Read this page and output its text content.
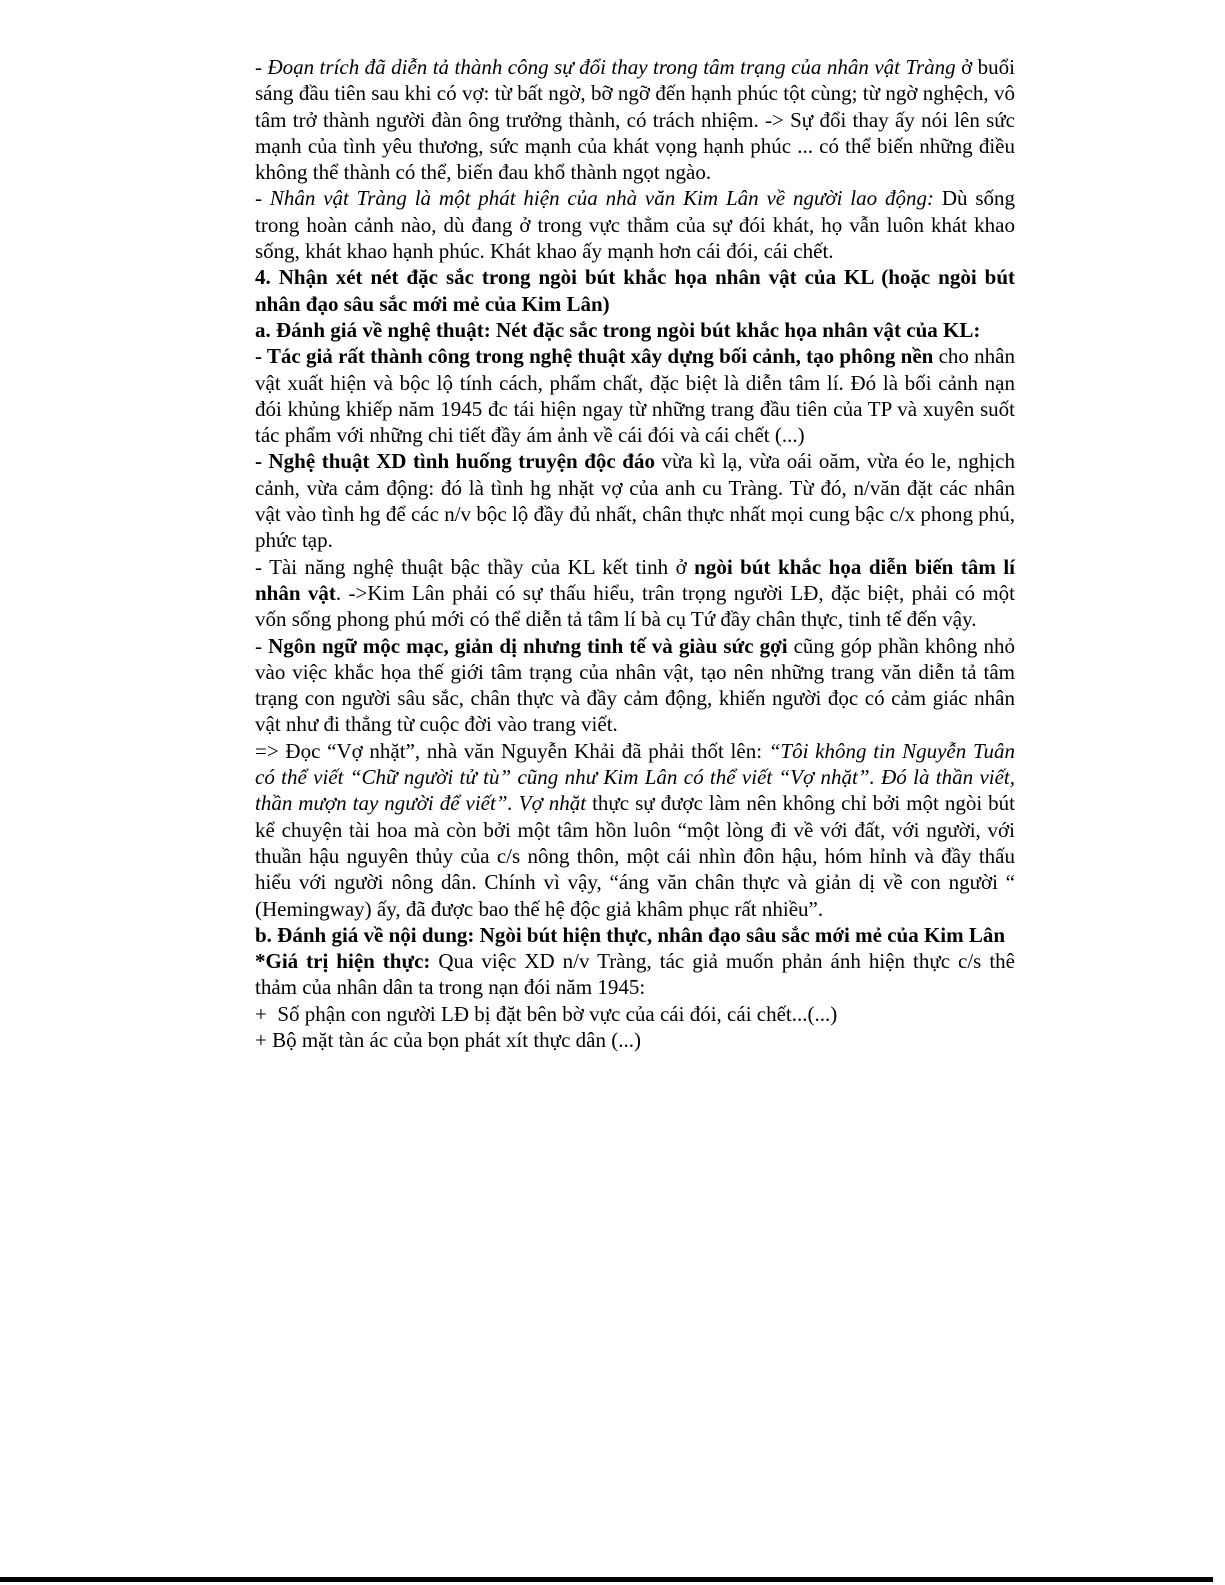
- Đoạn trích đã diễn tả thành công sự đổi thay trong tâm trạng của nhân vật Tràng ở buổi sáng đầu tiên sau khi có vợ: từ bất ngờ, bỡ ngỡ đến hạnh phúc tột cùng; từ ngờ nghệch, vô tâm trở thành người đàn ông trưởng thành, có trách nhiệm. -> Sự đổi thay ấy nói lên sức mạnh của tình yêu thương, sức mạnh của khát vọng hạnh phúc ... có thể biến những điều không thể thành có thể, biến đau khổ thành ngọt ngào.

- Nhân vật Tràng là một phát hiện của nhà văn Kim Lân về người lao động: Dù sống trong hoàn cảnh nào, dù đang ở trong vực thẳm của sự đói khát, họ vẫn luôn khát khao sống, khát khao hạnh phúc. Khát khao ấy mạnh hơn cái đói, cái chết.

4. Nhận xét nét đặc sắc trong ngòi bút khắc họa nhân vật của KL (hoặc ngòi bút nhân đạo sâu sắc mới mẻ của Kim Lân)

a. Đánh giá về nghệ thuật: Nét đặc sắc trong ngòi bút khắc họa nhân vật của KL:

- Tác giả rất thành công trong nghệ thuật xây dựng bối cảnh, tạo phông nền cho nhân vật xuất hiện và bộc lộ tính cách, phẩm chất, đặc biệt là diễn tâm lí. Đó là bối cảnh nạn đói khủng khiếp năm 1945 đc tái hiện ngay từ những trang đầu tiên của TP và xuyên suốt tác phẩm với những chi tiết đầy ám ảnh về cái đói và cái chết (...)

- Nghệ thuật XD tình huống truyện độc đáo vừa kì lạ, vừa oái oăm, vừa éo le, nghịch cảnh, vừa cảm động: đó là tình hg nhặt vợ của anh cu Tràng. Từ đó, n/văn đặt các nhân vật vào tình hg để các n/v bộc lộ đầy đủ nhất, chân thực nhất mọi cung bậc c/x phong phú, phức tạp.

- Tài năng nghệ thuật bậc thầy của KL kết tinh ở ngòi bút khắc họa diễn biến tâm lí nhân vật. ->Kim Lân phải có sự thấu hiểu, trân trọng người LĐ, đặc biệt, phải có một vốn sống phong phú mới có thể diễn tả tâm lí bà cụ Tứ đầy chân thực, tinh tế đến vậy.

- Ngôn ngữ mộc mạc, giản dị nhưng tinh tế và giàu sức gợi cũng góp phần không nhỏ vào việc khắc họa thế giới tâm trạng của nhân vật, tạo nên những trang văn diễn tả tâm trạng con người sâu sắc, chân thực và đầy cảm động, khiến người đọc có cảm giác nhân vật như đi thẳng từ cuộc đời vào trang viết.

=> Đọc “Vợ nhặt”, nhà văn Nguyễn Khải đã phải thốt lên: “Tôi không tin Nguyễn Tuân có thể viết “Chữ người tử tù” cũng như Kim Lân có thể viết “Vợ nhặt”. Đó là thần viết, thần mượn tay người để viết”. Vợ nhặt thực sự được làm nên không chỉ bởi một ngòi bút kể chuyện tài hoa mà còn bởi một tâm hồn luôn “một lòng đi về với đất, với người, với thuần hậu nguyên thủy của c/s nông thôn, một cái nhìn đôn hậu, hóm hỉnh và đầy thấu hiểu với người nông dân. Chính vì vậy, “áng văn chân thực và giản dị về con người “ (Hemingway) ấy, đã được bao thế hệ độc giả khâm phục rất nhiều”.

b. Đánh giá về nội dung: Ngòi bút hiện thực, nhân đạo sâu sắc mới mẻ của Kim Lân

*Giá trị hiện thực: Qua việc XD n/v Tràng, tác giả muốn phản ánh hiện thực c/s thê thảm của nhân dân ta trong nạn đói năm 1945:

+  Số phận con người LĐ bị đặt bên bờ vực của cái đói, cái chết...(...)

+ Bộ mặt tàn ác của bọn phát xít thực dân (...)
